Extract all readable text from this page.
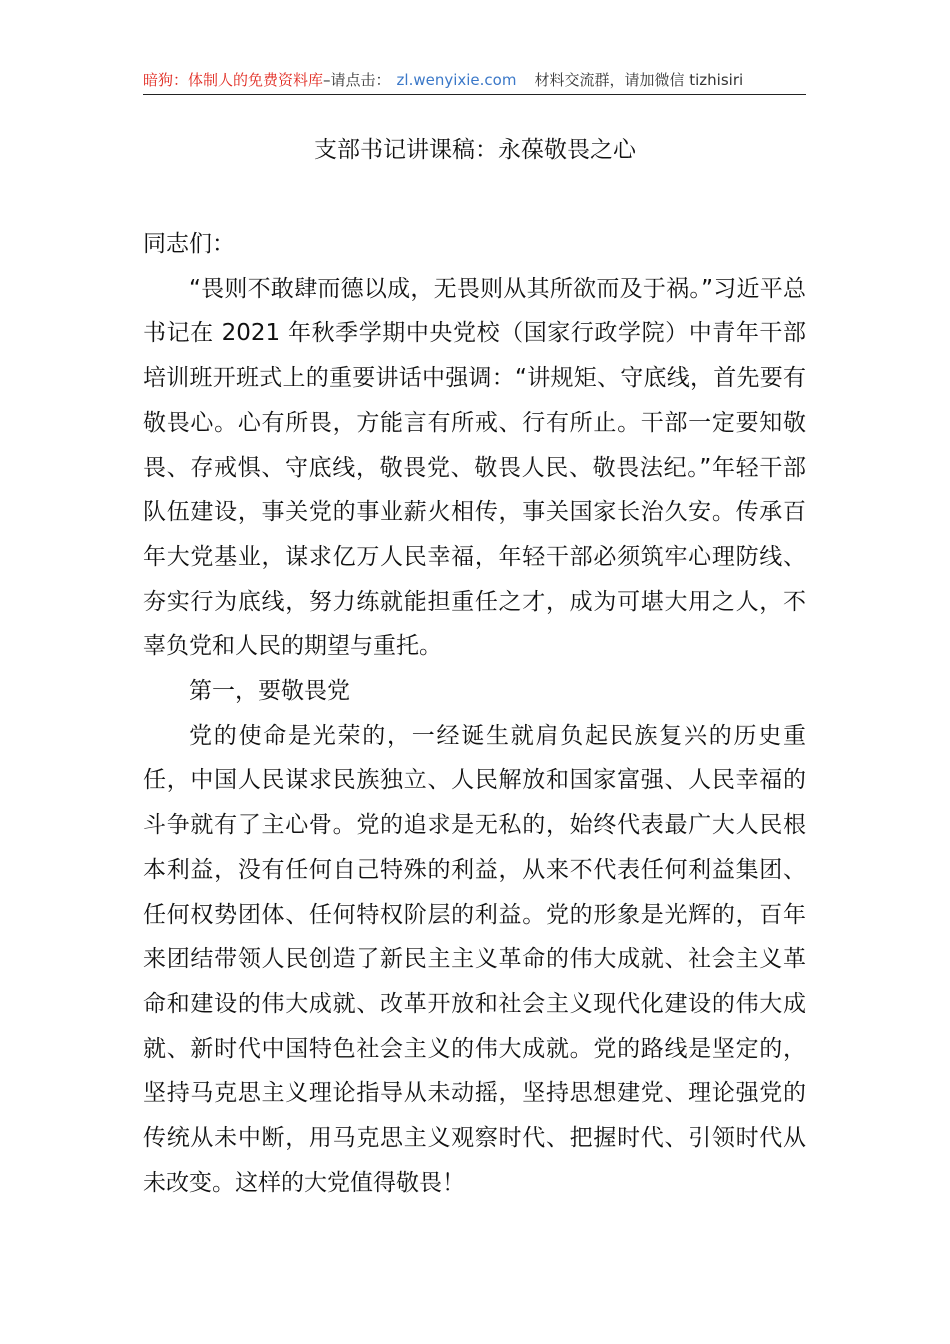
暗狗：体制人的免费资料库–请点击： zl.wenyixie.com 材料交流群，请加微信 tizhisiri
支部书记讲课稿：永葆敬畏之心

同志们：

“畏则不敢肆而德以成，无畏则从其所欲而及于祸。”习近平总书记在 2021 年秋季学期中央党校（国家行政学院）中青年干部培训班开班式上的重要讲话中强调：“讲规矩、守底线，首先要有敬畏心。心有所畏，方能言有所戒、行有所止。干部一定要知敬畏、存戒惧、守底线，敬畏党、敬畏人民、敬畏法纪。”年轻干部队伍建设，事关党的事业薪火相传，事关国家长治久安。传承百年大党基业，谋求亿万人民幸福，年轻干部必须筑牢心理防线、夯实行为底线，努力练就能担重任之才，成为可堪大用之人，不辜负党和人民的期望与重托。

第一，要敬畏党

党的使命是光荣的，一经诞生就肩负起民族复兴的历史重任，中国人民谋求民族独立、人民解放和国家富强、人民幸福的斗争就有了主心骨。党的追求是无私的，始终代表最广大人民根本利益，没有任何自己特殊的利益，从来不代表任何利益集团、任何权势团体、任何特权阶层的利益。党的形象是光辉的，百年来团结带领人民创造了新民主主义革命的伟大成就、社会主义革命和建设的伟大成就、改革开放和社会主义现代化建设的伟大成就、新时代中国特色社会主义的伟大成就。党的路线是坚定的，坚持马克思主义理论指导从未动摇，坚持思想建党、理论强党的传统从未中断，用马克思主义观察时代、把握时代、引领时代从未改变。这样的大党值得敬畏！
